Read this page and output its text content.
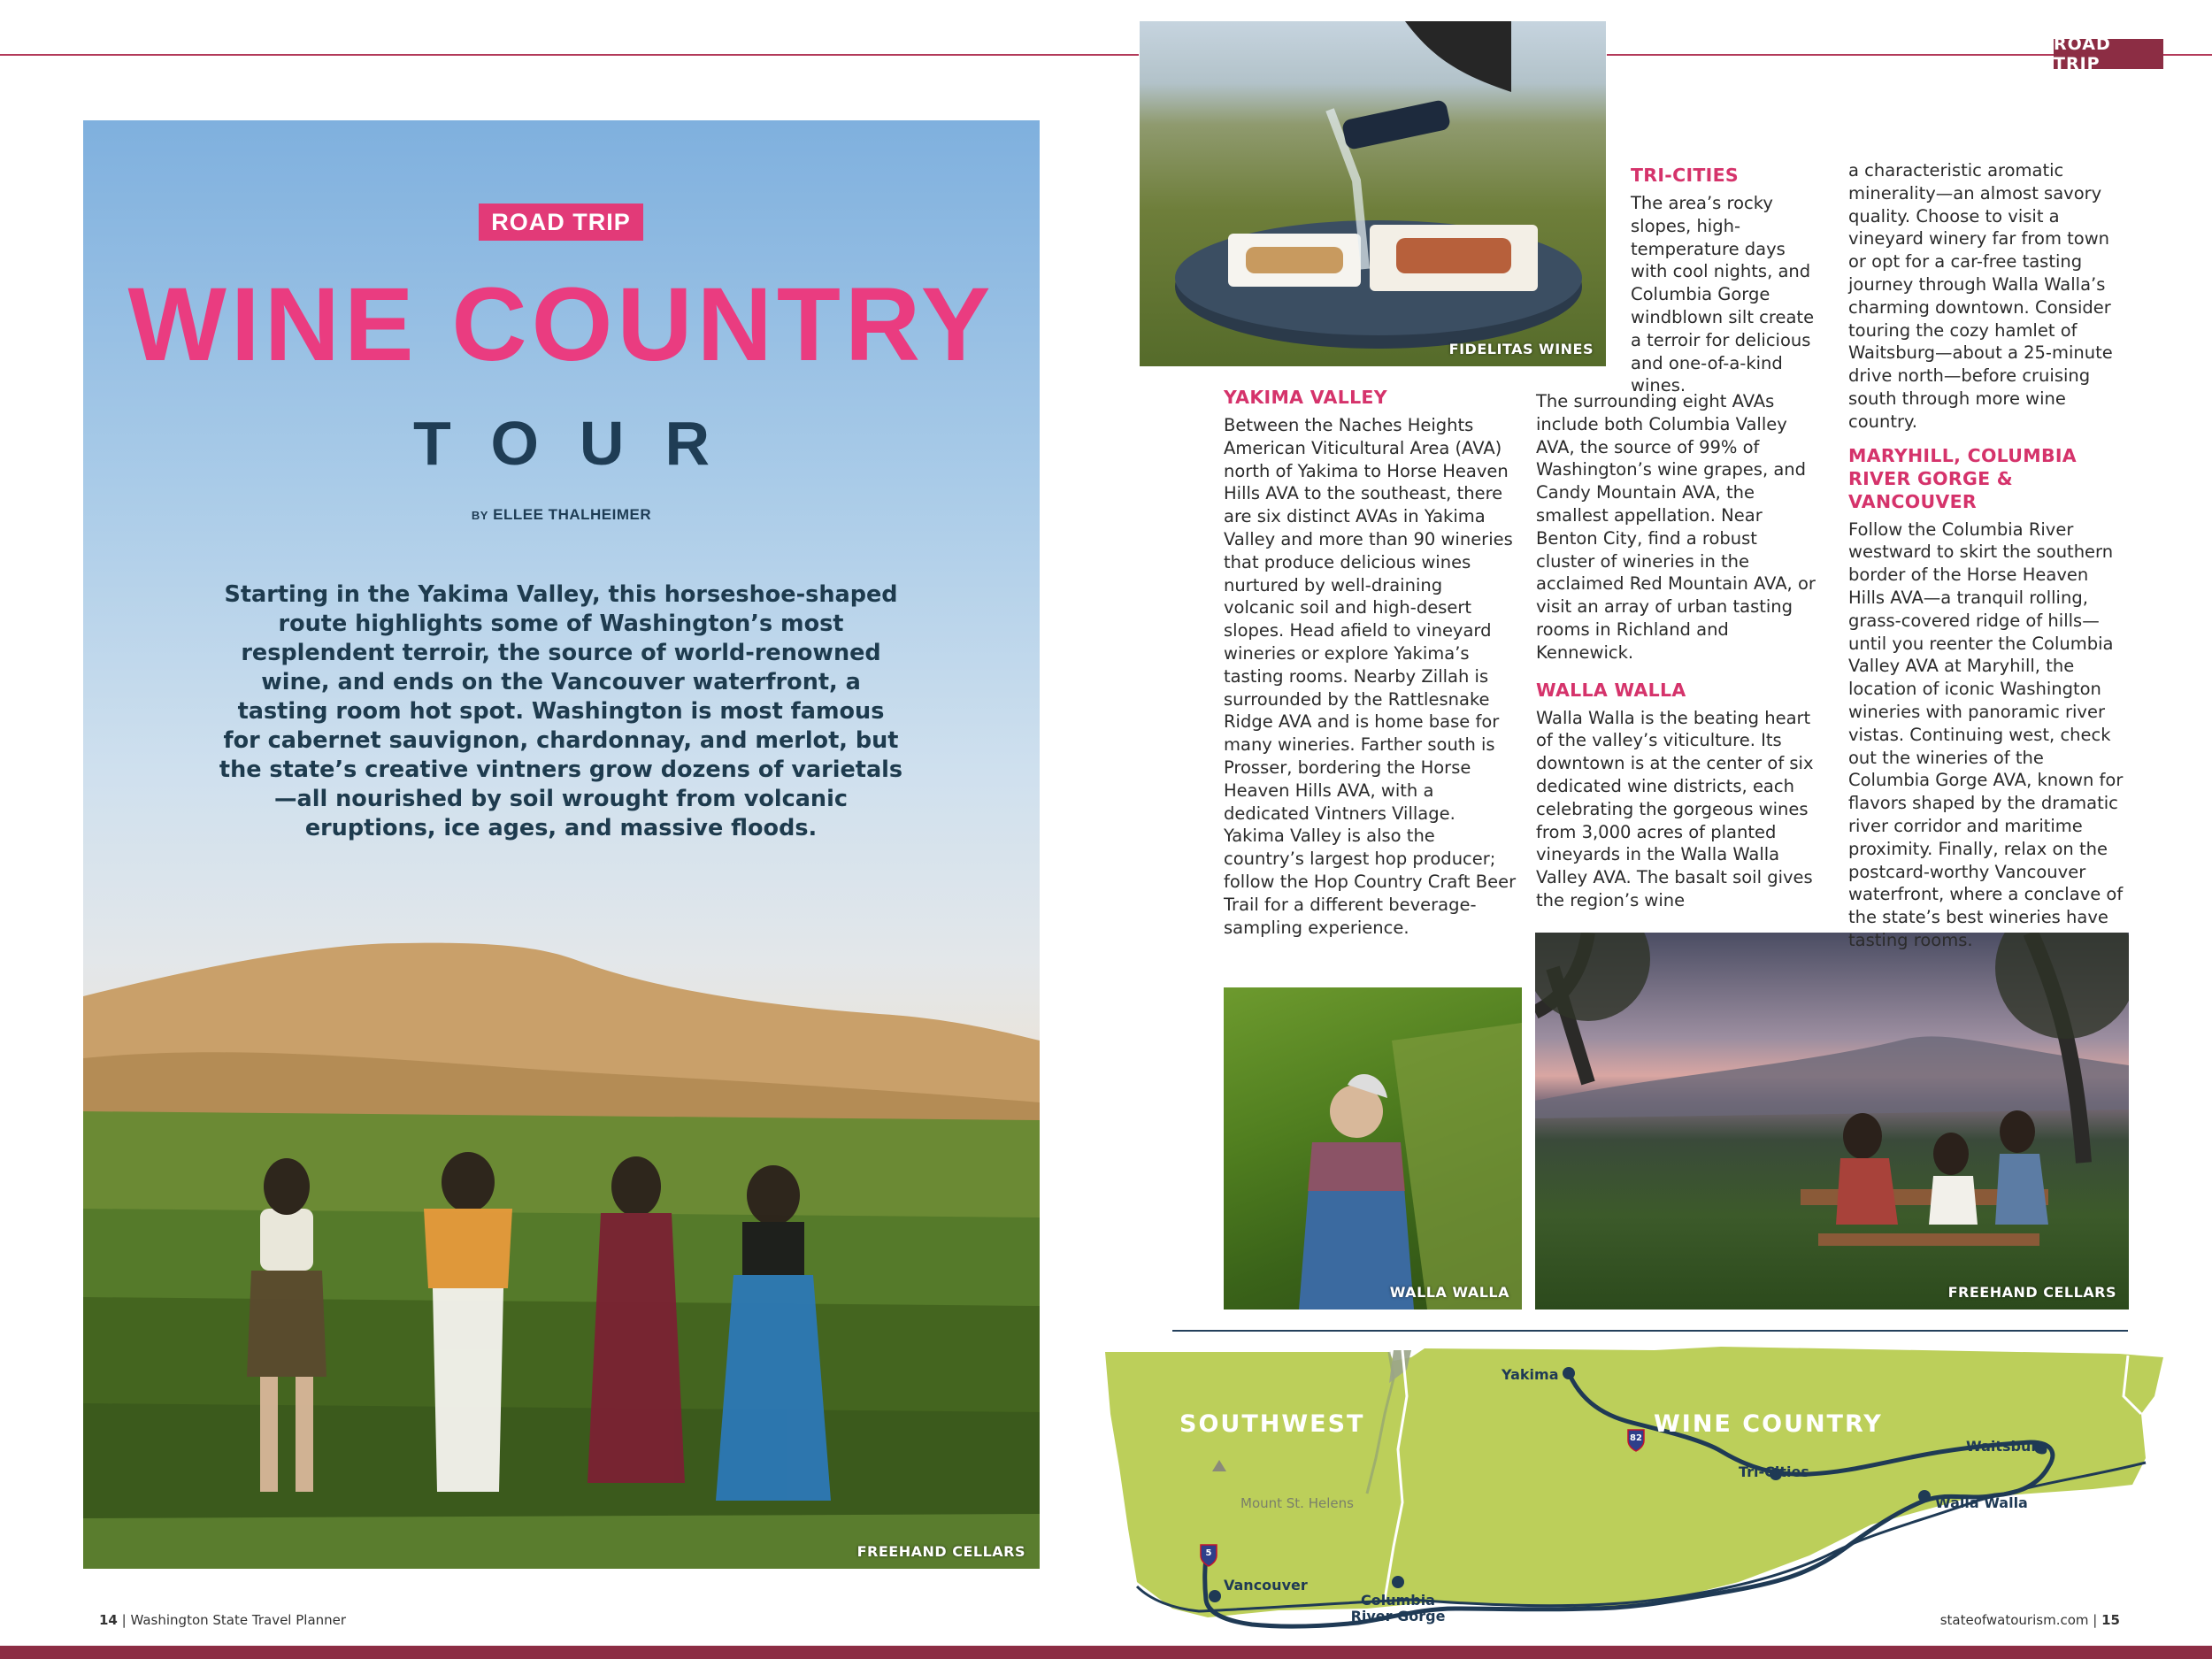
ROAD TRIP
ROAD TRIP
WINE COUNTRY
TOUR
BY ELLEE THALHEIMER
Starting in the Yakima Valley, this horseshoe-shaped route highlights some of Washington’s most resplendent terroir, the source of world-renowned wine, and ends on the Vancouver waterfront, a tasting room hot spot. Washington is most famous for cabernet sauvignon, chardonnay, and merlot, but the state’s creative vintners grow dozens of varietals—all nourished by soil wrought from volcanic eruptions, ice ages, and massive floods.
FREEHAND CELLARS
FIDELITAS WINES
WALLA WALLA	FREEHAND CELLARS
YAKIMA VALLEY

Between the Naches Heights American Viticultural Area (AVA) north of Yakima to Horse Heaven Hills AVA to the southeast, there are six distinct AVAs in Yakima Valley and more than 90 wineries that produce delicious wines nurtured by well-draining volcanic soil and high-desert slopes. Head afield to vineyard wineries or explore Yakima’s tasting rooms. Nearby Zillah is surrounded by the Rattlesnake Ridge AVA and is home base for many wineries. Farther south is Prosser, bordering the Horse Heaven Hills AVA, with a dedicated Vintners Village. Yakima Valley is also the country’s largest hop producer; follow the Hop Country Craft Beer Trail for a different beverage-sampling experience.

TRI-CITIES

The area’s rocky slopes, high-temperature days with cool nights, and Columbia Gorge windblown silt create a terroir for delicious and one-of-a-kind wines.

The surrounding eight AVAs include both Columbia Valley AVA, the source of 99% of Washington’s wine grapes, and Candy Mountain AVA, the smallest appellation. Near Benton City, find a robust cluster of wineries in the acclaimed Red Mountain AVA, or visit an array of urban tasting rooms in Richland and Kennewick.

WALLA WALLA

Walla Walla is the beating heart of the valley’s viticulture. Its downtown is at the center of six dedicated wine districts, each celebrating the gorgeous wines from 3,000 acres of planted vineyards in the Walla Walla Valley AVA. The basalt soil gives the region’s wine

a characteristic aromatic minerality—an almost savory quality. Choose to visit a vineyard winery far from town or opt for a car-free tasting journey through Walla Walla’s charming downtown. Consider touring the cozy hamlet of Waitsburg—about a 25-minute drive north—before cruising south through more wine country.

MARYHILL, COLUMBIA RIVER GORGE & VANCOUVER

Follow the Columbia River westward to skirt the southern border of the Horse Heaven Hills AVA—a tranquil rolling, grass-covered ridge of hills—until you reenter the Columbia Valley AVA at Maryhill, the location of iconic Washington wineries with panoramic river vistas. Continuing west, check out the wineries of the Columbia Gorge AVA, known for flavors shaped by the dramatic river corridor and maritime proximity. Finally, relax on the postcard-worthy Vancouver waterfront, where a conclave of the state’s best wineries have tasting rooms.

SOUTHWEST	WINE COUNTRY
Mount St. Helens
Yakima
Tri-Cities
Waitsburg
Walla Walla
Vancouver
Columbia
River Gorge
82
5
14 | Washington State Travel Planner	stateofwatourism.com | 15
